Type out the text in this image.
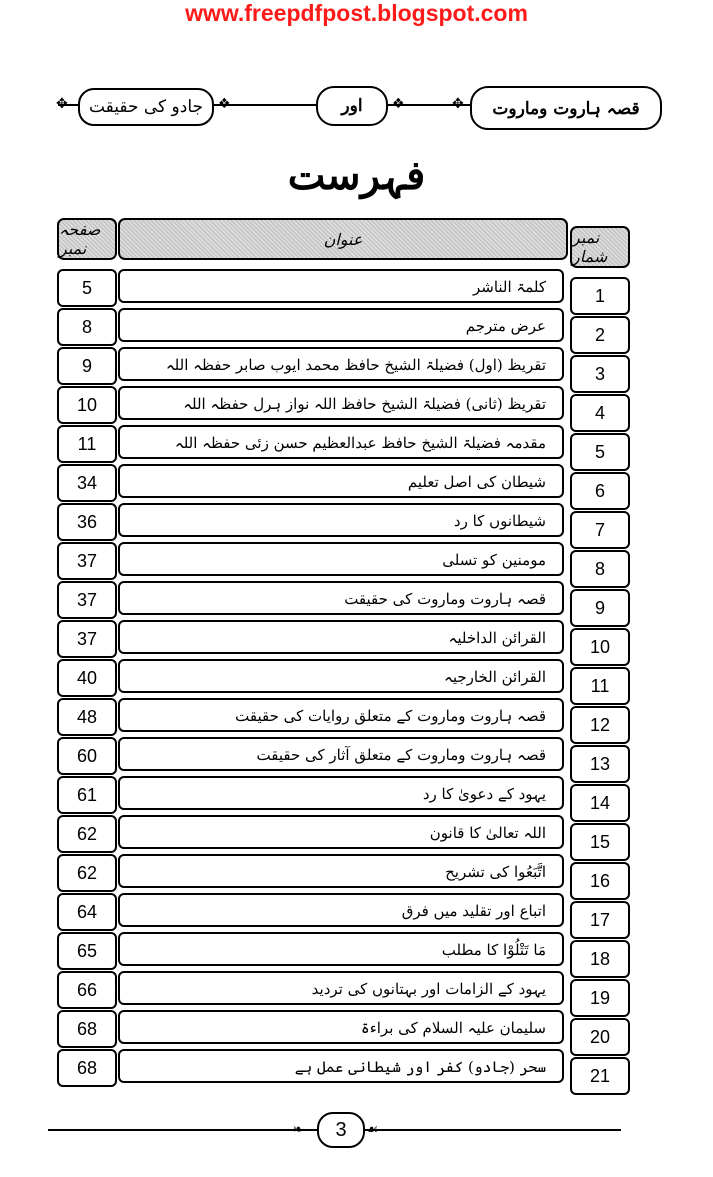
www.freepdfpost.blogspot.com
✥	❖	❖	✥
جادو کی حقیقت	اور	قصہ ہاروت وماروت
فہرست
صفحہ نمبر	عنوان	نمبر شمار
5	کلمۃ الناشر	1
8	عرض مترجم	2
9	تقریظ (اول) فضیلۃ الشیخ حافظ محمد ایوب صابر حفظہ اللہ	3
10	تقریظ (ثانی) فضیلۃ الشیخ حافظ اللہ نواز ہرل حفظہ اللہ	4
11	مقدمہ فضیلۃ الشیخ حافظ عبدالعظیم حسن زئی حفظہ اللہ	5
34	شیطان کی اصل تعلیم	6
36	شیطانوں کا رد	7
37	مومنین کو تسلی	8
37	قصہ ہاروت وماروت کی حقیقت	9
37	القرائن الداخلیہ	10
40	القرائن الخارجیہ	11
48	قصہ ہاروت وماروت کے متعلق روایات کی حقیقت	12
60	قصہ ہاروت وماروت کے متعلق آثار کی حقیقت	13
61	یہود کے دعویٰ کا رد	14
62	اللہ تعالیٰ کا قانون	15
62	اتَّبَعُوا کی تشریح	16
64	اتباع اور تقلید میں فرق	17
65	مَا تَتْلُوْا کا مطلب	18
66	یہود کے الزامات اور بہتانوں کی تردید	19
68	سلیمان علیہ السلام کی براءۃ	20
68	سحر (جادو) کفر اور شیطانی عمل ہے	21
❧	☙
3
